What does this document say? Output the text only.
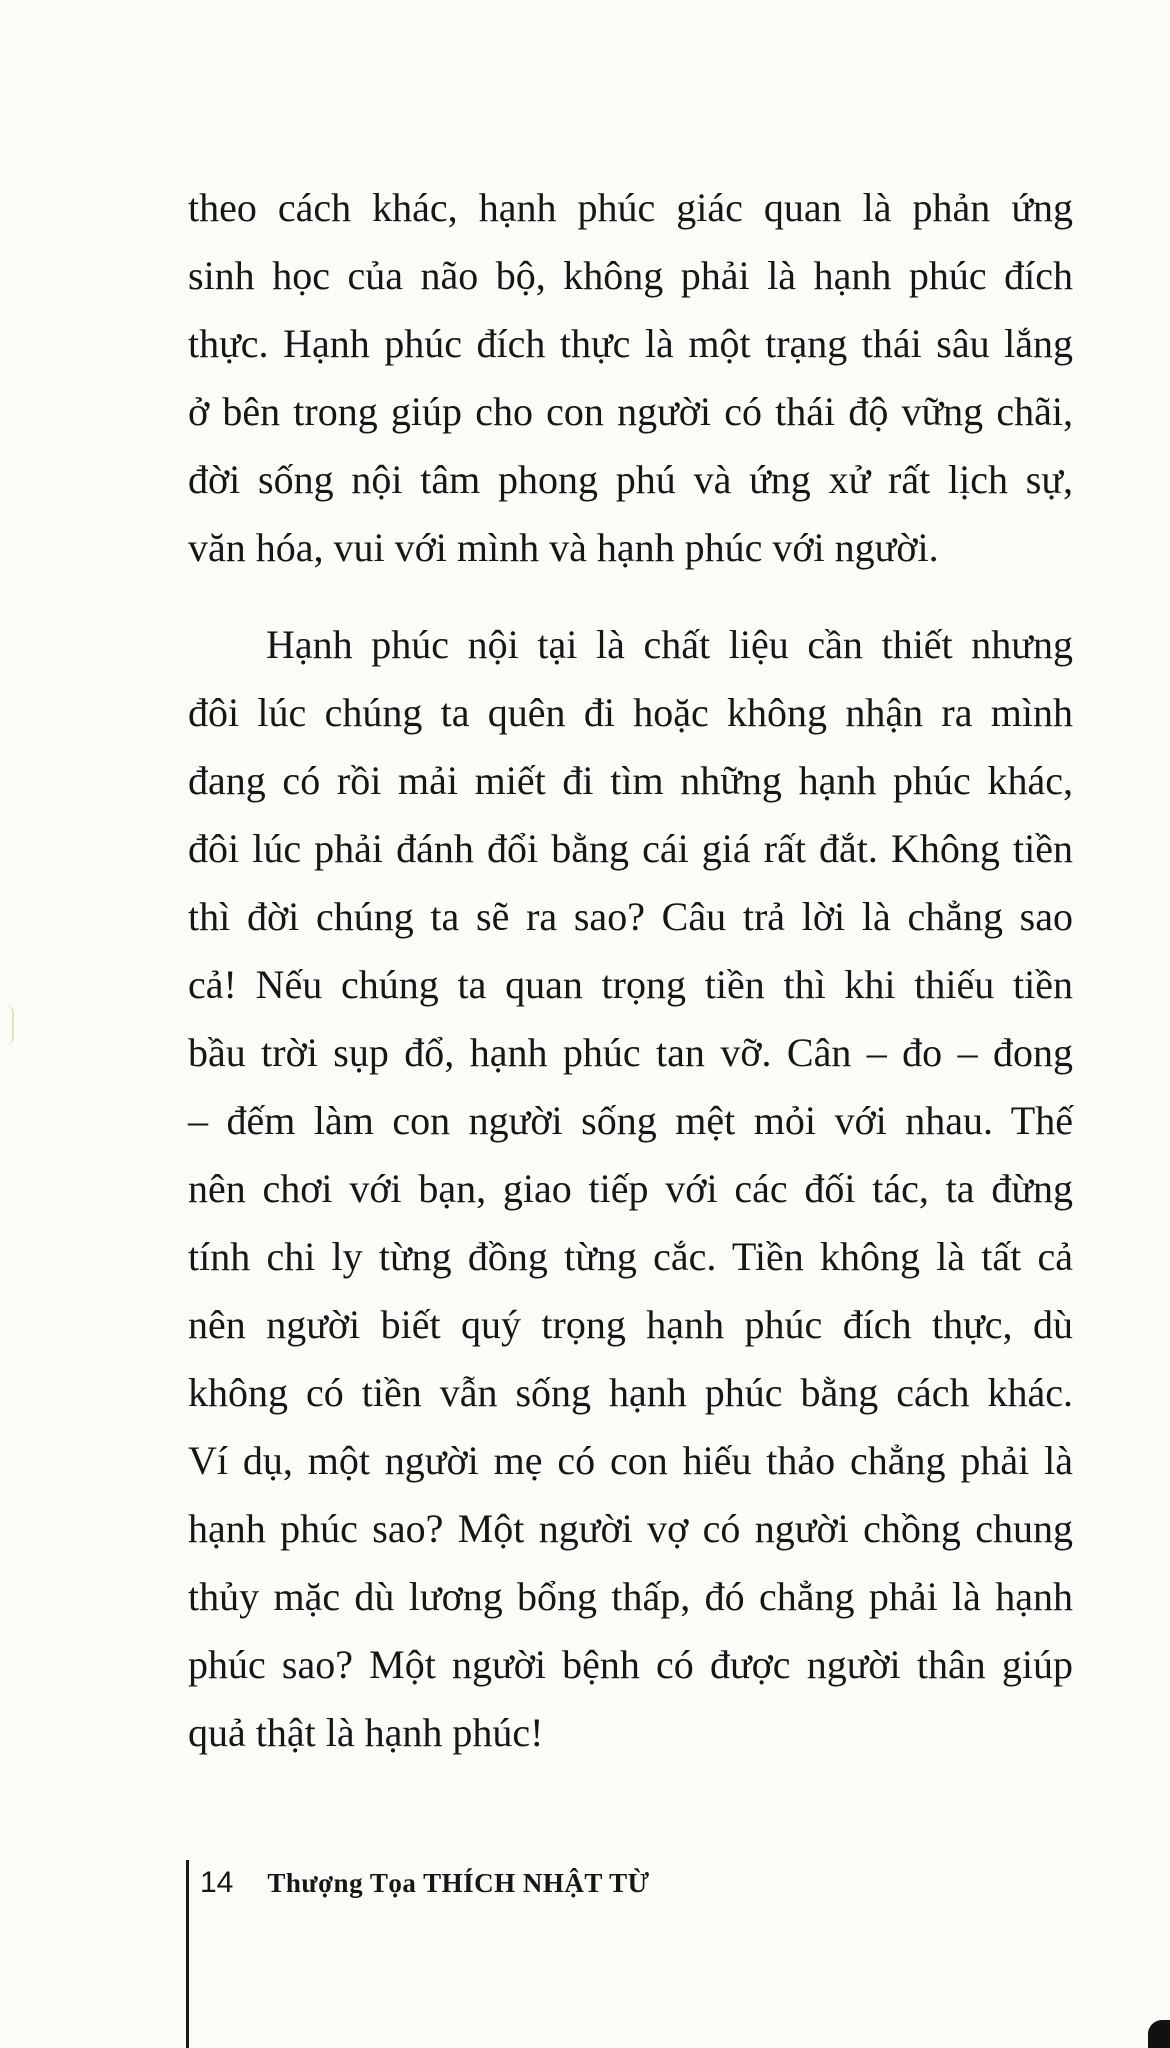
theo cách khác, hạnh phúc giác quan là phản ứng
sinh học của não bộ, không phải là hạnh phúc đích
thực. Hạnh phúc đích thực là một trạng thái sâu lắng
ở bên trong giúp cho con người có thái độ vững chãi,
đời sống nội tâm phong phú và ứng xử rất lịch sự,
văn hóa, vui với mình và hạnh phúc với người.
Hạnh phúc nội tại là chất liệu cần thiết nhưng
đôi lúc chúng ta quên đi hoặc không nhận ra mình
đang có rồi mải miết đi tìm những hạnh phúc khác,
đôi lúc phải đánh đổi bằng cái giá rất đắt. Không tiền
thì đời chúng ta sẽ ra sao? Câu trả lời là chẳng sao
cả! Nếu chúng ta quan trọng tiền thì khi thiếu tiền
bầu trời sụp đổ, hạnh phúc tan vỡ. Cân – đo – đong
– đếm làm con người sống mệt mỏi với nhau. Thế
nên chơi với bạn, giao tiếp với các đối tác, ta đừng
tính chi ly từng đồng từng cắc. Tiền không là tất cả
nên người biết quý trọng hạnh phúc đích thực, dù
không có tiền vẫn sống hạnh phúc bằng cách khác.
Ví dụ, một người mẹ có con hiếu thảo chẳng phải là
hạnh phúc sao? Một người vợ có người chồng chung
thủy mặc dù lương bổng thấp, đó chẳng phải là hạnh
phúc sao? Một người bệnh có được người thân giúp
quả thật là hạnh phúc!
14 Thượng Tọa THÍCH NHẬT TỪ
